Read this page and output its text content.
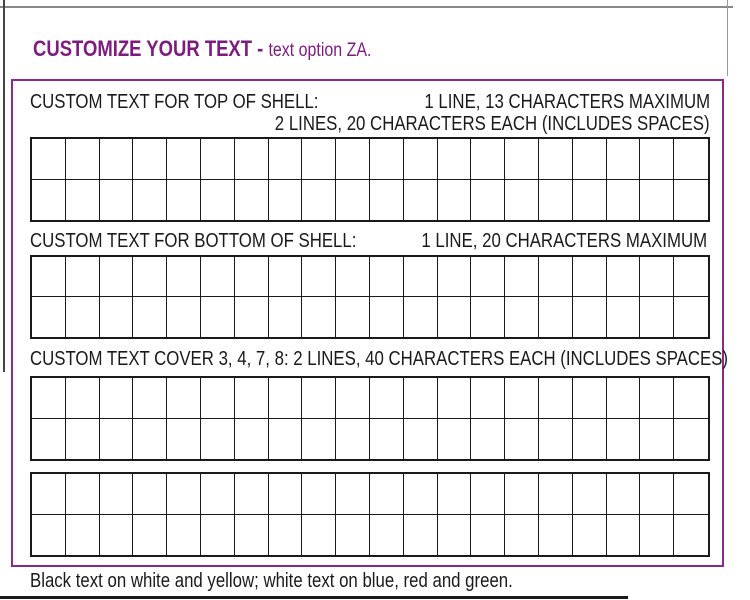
CUSTOMIZE YOUR TEXT - text option ZA.
CUSTOM TEXT FOR TOP OF SHELL:	1 LINE, 13 CHARACTERS MAXIMUM
2 LINES, 20 CHARACTERS EACH (INCLUDES SPACES)
CUSTOM TEXT FOR BOTTOM OF SHELL:	1 LINE, 20 CHARACTERS MAXIMUM
CUSTOM TEXT COVER 3, 4, 7, 8: 2 LINES, 40 CHARACTERS EACH (INCLUDES SPACES)
Black text on white and yellow; white text on blue, red and green.
